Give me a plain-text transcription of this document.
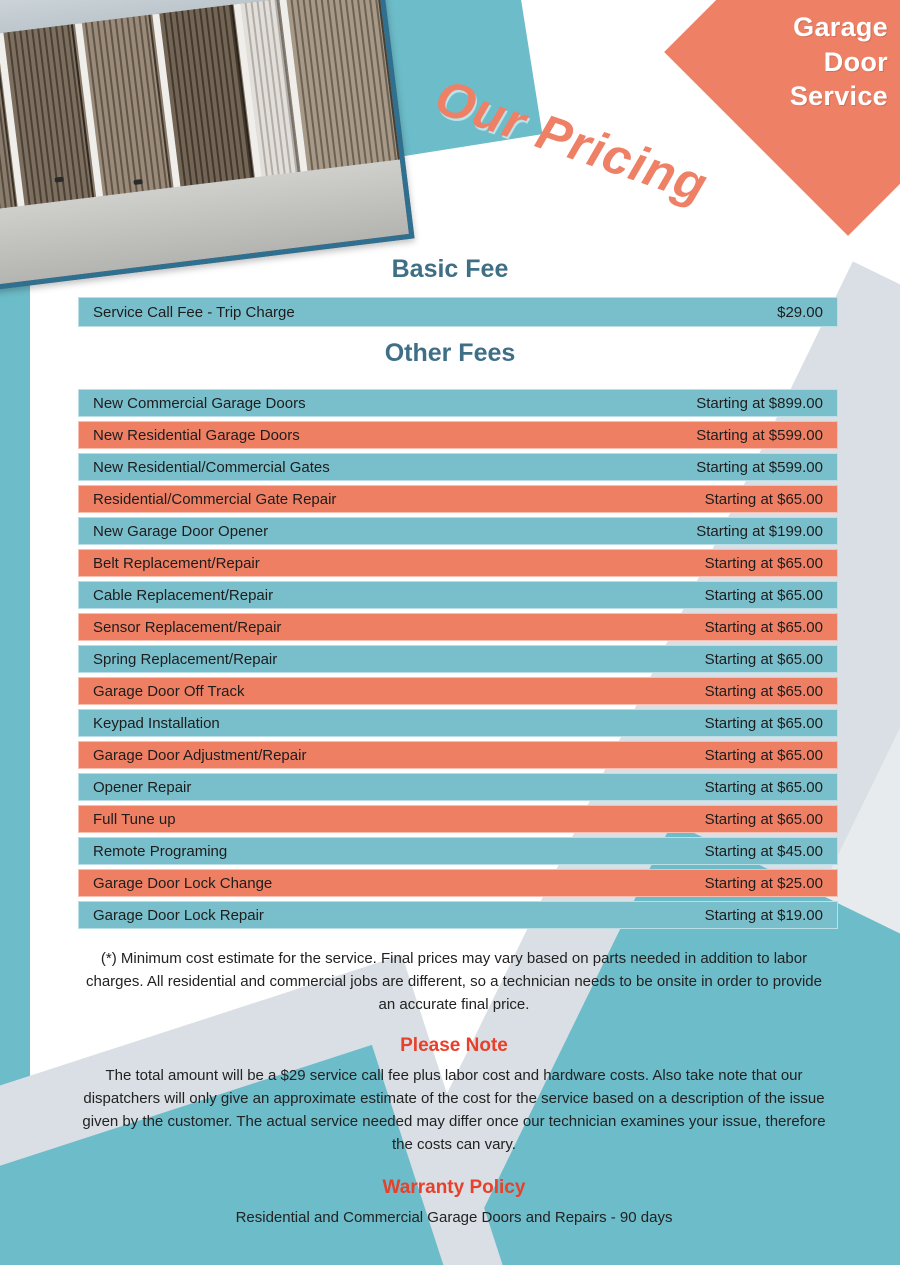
Garage
Door
Service
Our Pricing
Basic Fee
Service Call Fee - Trip Charge	$29.00
Other Fees
New Commercial Garage Doors	Starting at $899.00
New Residential Garage Doors	Starting at $599.00
New Residential/Commercial Gates	Starting at $599.00
Residential/Commercial Gate Repair	Starting at $65.00
New Garage Door Opener	Starting at $199.00
Belt Replacement/Repair	Starting at $65.00
Cable Replacement/Repair	Starting at $65.00
Sensor Replacement/Repair	Starting at $65.00
Spring Replacement/Repair	Starting at $65.00
Garage Door Off Track	Starting at $65.00
Keypad Installation	Starting at $65.00
Garage Door Adjustment/Repair	Starting at $65.00
Opener Repair	Starting at $65.00
Full Tune up	Starting at $65.00
Remote Programing	Starting at $45.00
Garage Door Lock Change	Starting at $25.00
Garage Door Lock Repair	Starting at $19.00
(*) Minimum cost estimate for the service. Final prices may vary based on parts needed in addition to labor charges. All residential and commercial jobs are different, so a technician needs to be onsite in order to provide an accurate final price.
Please Note
The total amount will be a $29 service call fee plus labor cost and hardware costs. Also take note that our dispatchers will only give an approximate estimate of the cost for the service based on a description of the issue given by the customer. The actual service needed may differ once our technician examines your issue, therefore the costs can vary.
Warranty Policy
Residential and Commercial Garage Doors and Repairs - 90 days
